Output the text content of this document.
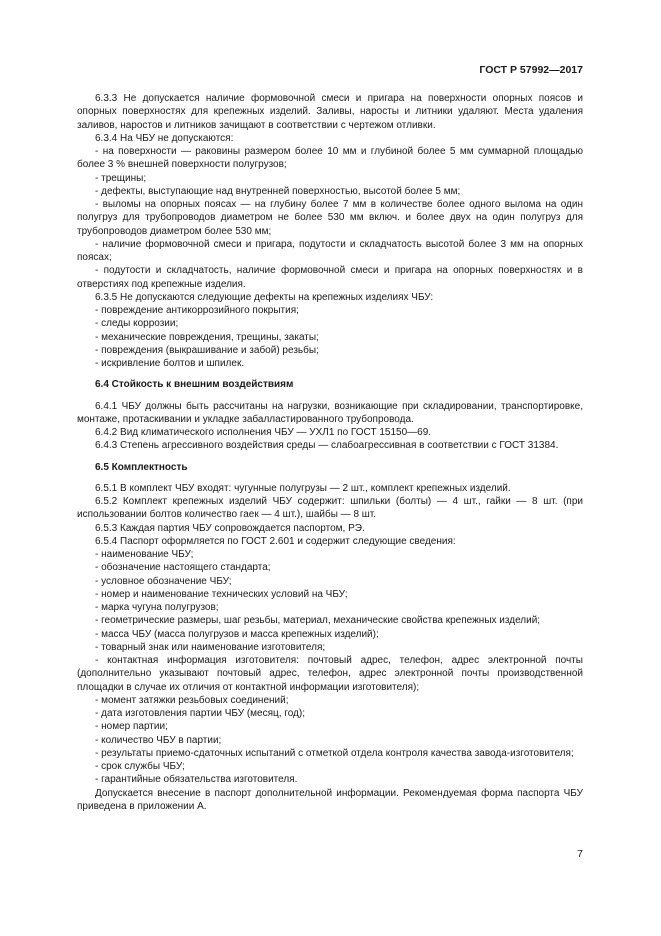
ГОСТ Р 57992—2017

6.3.3 Не допускается наличие формовочной смеси и пригара на поверхности опорных поясов и опорных поверхностях для крепежных изделий. Заливы, наросты и литники удаляют. Места удаления заливов, наростов и литников зачищают в соответствии с чертежом отливки.

6.3.4 На ЧБУ не допускаются:

- на поверхности — раковины размером более 10 мм и глубиной более 5 мм суммарной площадью более 3 % внешней поверхности полугрузов;

- трещины;

- дефекты, выступающие над внутренней поверхностью, высотой более 5 мм;

- выломы на опорных поясах — на глубину более 7 мм в количестве более одного вылома на один полугруз для трубопроводов диаметром не более 530 мм включ. и более двух на один полугруз для трубопроводов диаметром более 530 мм;

- наличие формовочной смеси и пригара, подутости и складчатость высотой более 3 мм на опорных поясах;

- подутости и складчатость, наличие формовочной смеси и пригара на опорных поверхностях и в отверстиях под крепежные изделия.

6.3.5 Не допускаются следующие дефекты на крепежных изделиях ЧБУ:

- повреждение антикоррозийного покрытия;

- следы коррозии;

- механические повреждения, трещины, закаты;

- повреждения (выкрашивание и забой) резьбы;

- искривление болтов и шпилек.

6.4 Стойкость к внешним воздействиям

6.4.1 ЧБУ должны быть рассчитаны на нагрузки, возникающие при складировании, транспортировке, монтаже, протаскивании и укладке забалластированного трубопровода.

6.4.2 Вид климатического исполнения ЧБУ — УХЛ1 по ГОСТ 15150—69.

6.4.3 Степень агрессивного воздействия среды — слабоагрессивная в соответствии с ГОСТ 31384.

6.5 Комплектность

6.5.1 В комплект ЧБУ входят: чугунные полугрузы — 2 шт., комплект крепежных изделий.

6.5.2 Комплект крепежных изделий ЧБУ содержит: шпильки (болты) — 4 шт., гайки — 8 шт. (при использовании болтов количество гаек — 4 шт.), шайбы — 8 шт.

6.5.3 Каждая партия ЧБУ сопровождается паспортом, РЭ.

6.5.4 Паспорт оформляется по ГОСТ 2.601 и содержит следующие сведения:

- наименование ЧБУ;

- обозначение настоящего стандарта;

- условное обозначение ЧБУ;

- номер и наименование технических условий на ЧБУ;

- марка чугуна полугрузов;

- геометрические размеры, шаг резьбы, материал, механические свойства крепежных изделий;

- масса ЧБУ (масса полугрузов и масса крепежных изделий);

- товарный знак или наименование изготовителя;

- контактная информация изготовителя: почтовый адрес, телефон, адрес электронной почты (дополнительно указывают почтовый адрес, телефон, адрес электронной почты производственной площадки в случае их отличия от контактной информации изготовителя);

- момент затяжки резьбовых соединений;

- дата изготовления партии ЧБУ (месяц, год);

- номер партии;

- количество ЧБУ в партии;

- результаты приемо-сдаточных испытаний с отметкой отдела контроля качества завода-изготовителя;

- срок службы ЧБУ;

- гарантийные обязательства изготовителя.

Допускается внесение в паспорт дополнительной информации. Рекомендуемая форма паспорта ЧБУ приведена в приложении А.

7
